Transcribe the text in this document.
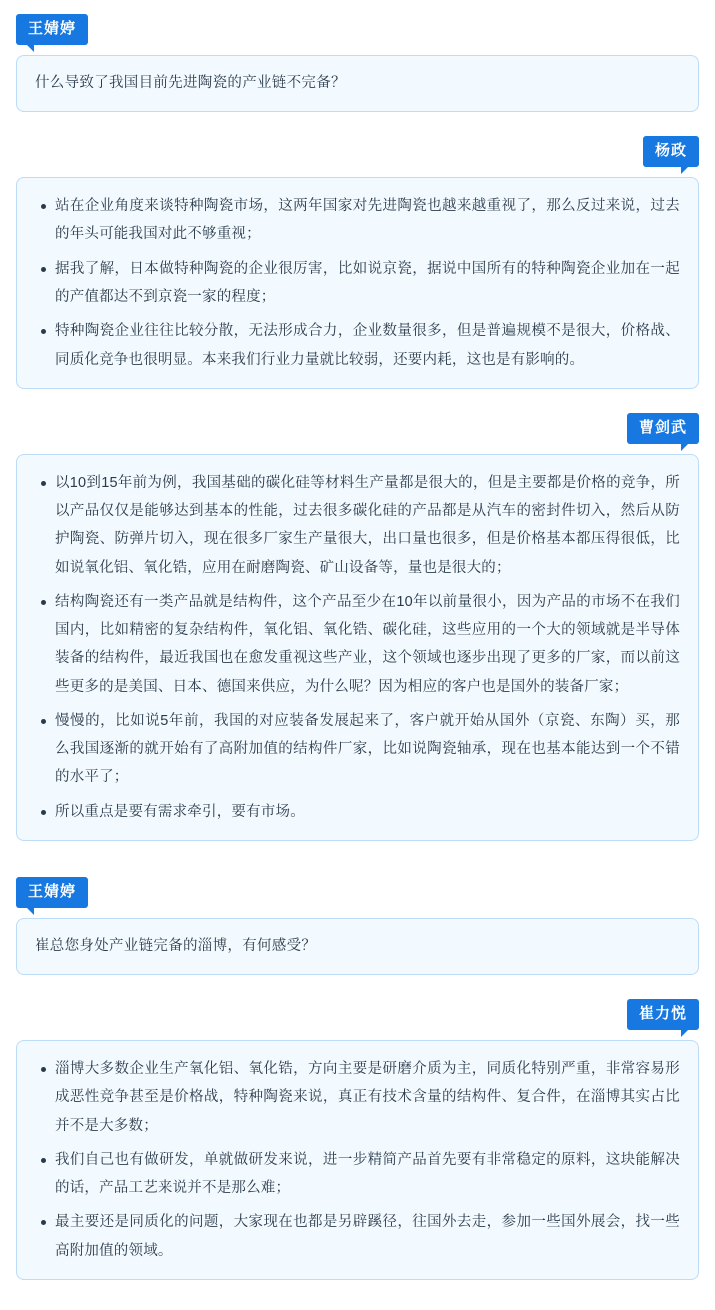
王婧婷
什么导致了我国目前先进陶瓷的产业链不完备？
杨政
站在企业角度来谈特种陶瓷市场，这两年国家对先进陶瓷也越来越重视了，那么反过来说，过去的年头可能我国对此不够重视；
据我了解，日本做特种陶瓷的企业很厉害，比如说京瓷，据说中国所有的特种陶瓷企业加在一起的产值都达不到京瓷一家的程度；
特种陶瓷企业往往比较分散，无法形成合力，企业数量很多，但是普遍规模不是很大，价格战、同质化竞争也很明显。本来我们行业力量就比较弱，还要内耗，这也是有影响的。
曹剑武
以10到15年前为例，我国基础的碳化硅等材料生产量都是很大的，但是主要都是价格的竞争，所以产品仅仅是能够达到基本的性能，过去很多碳化硅的产品都是从汽车的密封件切入，然后从防护陶瓷、防弹片切入，现在很多厂家生产量很大，出口量也很多，但是价格基本都压得很低，比如说氧化铝、氧化锆，应用在耐磨陶瓷、矿山设备等，量也是很大的；
结构陶瓷还有一类产品就是结构件，这个产品至少在10年以前量很小，因为产品的市场不在我们国内，比如精密的复杂结构件，氧化铝、氧化锆、碳化硅，这些应用的一个大的领域就是半导体装备的结构件，最近我国也在愈发重视这些产业，这个领域也逐步出现了更多的厂家，而以前这些更多的是美国、日本、德国来供应，为什么呢？因为相应的客户也是国外的装备厂家；
慢慢的，比如说5年前，我国的对应装备发展起来了，客户就开始从国外（京瓷、东陶）买，那么我国逐渐的就开始有了高附加值的结构件厂家，比如说陶瓷轴承，现在也基本能达到一个不错的水平了；
所以重点是要有需求牵引，要有市场。
王婧婷
崔总您身处产业链完备的淄博，有何感受？
崔力悦
淄博大多数企业生产氧化铝、氧化锆，方向主要是研磨介质为主，同质化特别严重，非常容易形成恶性竞争甚至是价格战，特种陶瓷来说，真正有技术含量的结构件、复合件，在淄博其实占比并不是大多数；
我们自己也有做研发，单就做研发来说，进一步精简产品首先要有非常稳定的原料，这块能解决的话，产品工艺来说并不是那么难；
最主要还是同质化的问题，大家现在也都是另辟蹊径，往国外去走，参加一些国外展会，找一些高附加值的领域。
